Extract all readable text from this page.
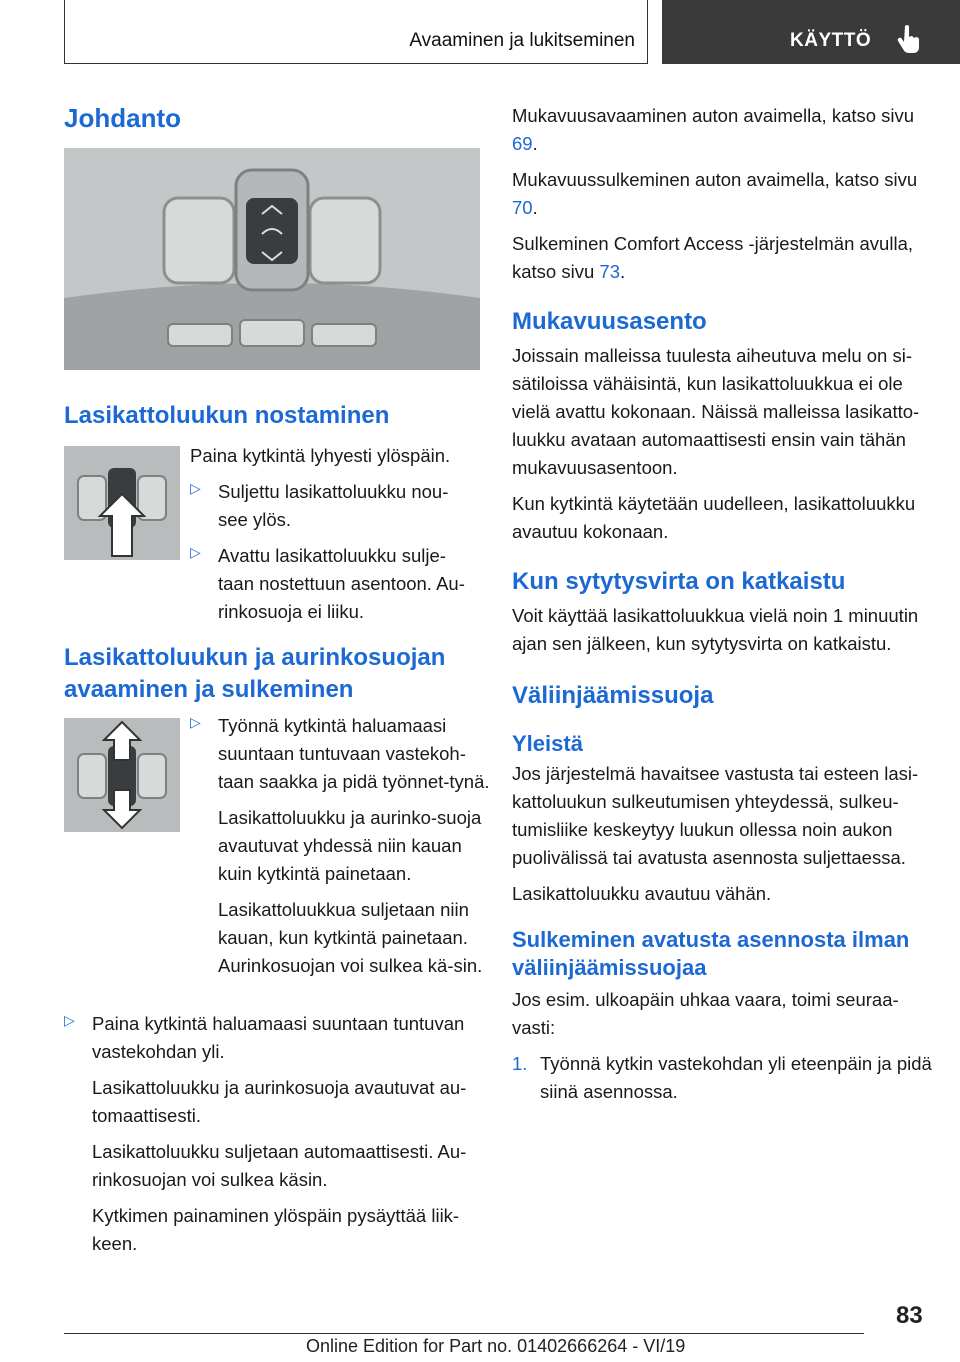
Avaaminen ja lukitseminen	KÄYTTÖ
Johdanto
Lasikattoluukun nostaminen

Paina kytkintä lyhyesti ylöspäin.

▷ Suljettu lasikattoluukku nou-
see ylös.

▷ Avattu lasikattoluukku sulje-
taan nostettuun asentoon. Au-
rinkosuoja ei liiku.

Lasikattoluukun ja aurinkosuojan avaaminen ja sulkeminen
▷ Työnnä kytkintä haluamaasi suuntaan tuntuvaan vastekoh-taan saakka ja pidä työnnet-tynä.

Lasikattoluukku ja aurinko-suoja avautuvat yhdessä niin kauan kuin kytkintä painetaan.

Lasikattoluukkua suljetaan niin kauan, kun kytkintä painetaan. Aurinkosuojan voi sulkea kä-sin.

▷ Paina kytkintä haluamaasi suuntaan tuntuvan vastekohdan yli.

Lasikattoluukku ja aurinkosuoja avautuvat au-tomaattisesti.

Lasikattoluukku suljetaan automaattisesti. Au-rinkosuojan voi sulkea käsin.

Kytkimen painaminen ylöspäin pysäyttää liik-keen.

Mukavuusavaaminen auton avaimella, katso sivu 69.

Mukavuussulkeminen auton avaimella, katso sivu 70.

Sulkeminen Comfort Access -järjestelmän avulla, katso sivu 73.

Mukavuusasento

Joissain malleissa tuulesta aiheutuva melu on si-sätiloissa vähäisintä, kun lasikattoluukkua ei ole vielä avattu kokonaan. Näissä malleissa lasikatto-luukku avataan automaattisesti ensin vain tähän mukavuusasentoon.

Kun kytkintä käytetään uudelleen, lasikattoluukku avautuu kokonaan.

Kun sytytysvirta on katkaistu

Voit käyttää lasikattoluukkua vielä noin 1 minuutin ajan sen jälkeen, kun sytytysvirta on katkaistu.

Väliinjäämissuoja
Yleistä

Jos järjestelmä havaitsee vastusta tai esteen lasi-kattoluukun sulkeutumisen yhteydessä, sulkeu-tumisliike keskeytyy luukun ollessa noin aukon puolivälissä tai avatusta asennosta suljettaessa.

Lasikattoluukku avautuu vähän.

Sulkeminen avatusta asennosta ilman väliinjäämissuojaa

Jos esim. ulkoapäin uhkaa vaara, toimi seuraa-vasti:

1. Työnnä kytkin vastekohdan yli eteenpäin ja pidä siinä asennossa.

83
Online Edition for Part no. 01402666264 - VI/19
